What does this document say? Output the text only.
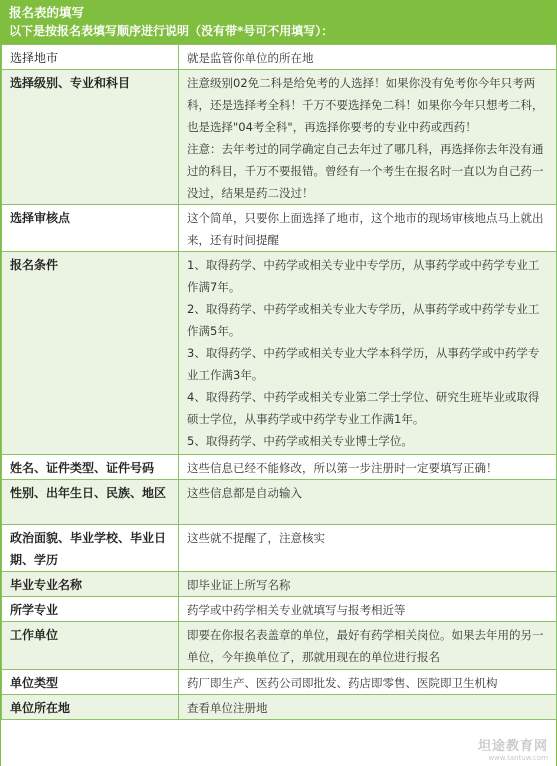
报名表的填写
以下是按报名表填写顺序进行说明（没有带*号可不用填写）：
选择地市	就是监管你单位的所在地

选择级别、专业和科目	注意级别02免二科是给免考的人选择！如果你没有免考你今年只考两科，还是选择考全科！千万不要选择免二科！如果你今年只想考二科，也是选择"04考全科"，再选择你要考的专业中药或西药！
注意：去年考过的同学确定自己去年过了哪几科，再选择你去年没有通过的科目，千万不要报错。曾经有一个考生在报名时一直以为自己药一没过，结果是药二没过！

选择审核点	这个简单，只要你上面选择了地市，这个地市的现场审核地点马上就出来，还有时间提醒

报名条件	1、取得药学、中药学或相关专业中专学历，从事药学或中药学专业工作满7年。
2、取得药学、中药学或相关专业大专学历，从事药学或中药学专业工作满5年。
3、取得药学、中药学或相关专业大学本科学历，从事药学或中药学专业工作满3年。
4、取得药学、中药学或相关专业第二学士学位、研究生班毕业或取得硕士学位，从事药学或中药学专业工作满1年。
5、取得药学、中药学或相关专业博士学位。

姓名、证件类型、证件号码	这些信息已经不能修改，所以第一步注册时一定要填写正确！

性别、出年生日、民族、地区	这些信息都是自动输入

政治面貌、毕业学校、毕业日期、学历	这些就不提醒了，注意核实

毕业专业名称	即毕业证上所写名称

所学专业	药学或中药学相关专业就填写与报考相近等

工作单位	即要在你报名表盖章的单位，最好有药学相关岗位。如果去年用的另一单位，今年换单位了，那就用现在的单位进行报名

单位类型	药厂即生产、医药公司即批发、药店即零售、医院即卫生机构

单位所在地	查看单位注册地
坦途教育网
www.tantuw.com
